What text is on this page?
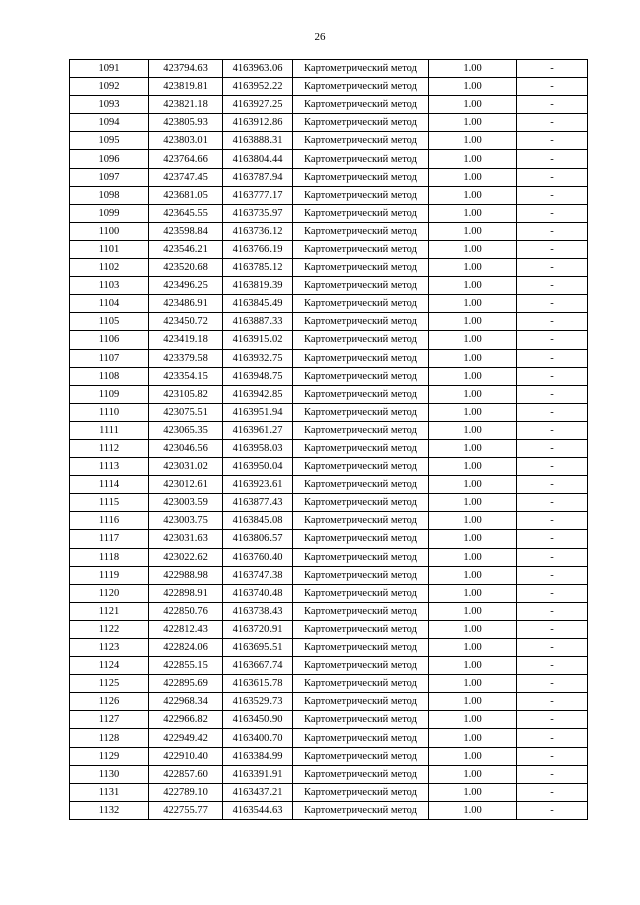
26
1091	423794.63	4163963.06	Картометрический метод	1.00	-
1092	423819.81	4163952.22	Картометрический метод	1.00	-
1093	423821.18	4163927.25	Картометрический метод	1.00	-
1094	423805.93	4163912.86	Картометрический метод	1.00	-
1095	423803.01	4163888.31	Картометрический метод	1.00	-
1096	423764.66	4163804.44	Картометрический метод	1.00	-
1097	423747.45	4163787.94	Картометрический метод	1.00	-
1098	423681.05	4163777.17	Картометрический метод	1.00	-
1099	423645.55	4163735.97	Картометрический метод	1.00	-
1100	423598.84	4163736.12	Картометрический метод	1.00	-
1101	423546.21	4163766.19	Картометрический метод	1.00	-
1102	423520.68	4163785.12	Картометрический метод	1.00	-
1103	423496.25	4163819.39	Картометрический метод	1.00	-
1104	423486.91	4163845.49	Картометрический метод	1.00	-
1105	423450.72	4163887.33	Картометрический метод	1.00	-
1106	423419.18	4163915.02	Картометрический метод	1.00	-
1107	423379.58	4163932.75	Картометрический метод	1.00	-
1108	423354.15	4163948.75	Картометрический метод	1.00	-
1109	423105.82	4163942.85	Картометрический метод	1.00	-
1110	423075.51	4163951.94	Картометрический метод	1.00	-
1111	423065.35	4163961.27	Картометрический метод	1.00	-
1112	423046.56	4163958.03	Картометрический метод	1.00	-
1113	423031.02	4163950.04	Картометрический метод	1.00	-
1114	423012.61	4163923.61	Картометрический метод	1.00	-
1115	423003.59	4163877.43	Картометрический метод	1.00	-
1116	423003.75	4163845.08	Картометрический метод	1.00	-
1117	423031.63	4163806.57	Картометрический метод	1.00	-
1118	423022.62	4163760.40	Картометрический метод	1.00	-
1119	422988.98	4163747.38	Картометрический метод	1.00	-
1120	422898.91	4163740.48	Картометрический метод	1.00	-
1121	422850.76	4163738.43	Картометрический метод	1.00	-
1122	422812.43	4163720.91	Картометрический метод	1.00	-
1123	422824.06	4163695.51	Картометрический метод	1.00	-
1124	422855.15	4163667.74	Картометрический метод	1.00	-
1125	422895.69	4163615.78	Картометрический метод	1.00	-
1126	422968.34	4163529.73	Картометрический метод	1.00	-
1127	422966.82	4163450.90	Картометрический метод	1.00	-
1128	422949.42	4163400.70	Картометрический метод	1.00	-
1129	422910.40	4163384.99	Картометрический метод	1.00	-
1130	422857.60	4163391.91	Картометрический метод	1.00	-
1131	422789.10	4163437.21	Картометрический метод	1.00	-
1132	422755.77	4163544.63	Картометрический метод	1.00	-
